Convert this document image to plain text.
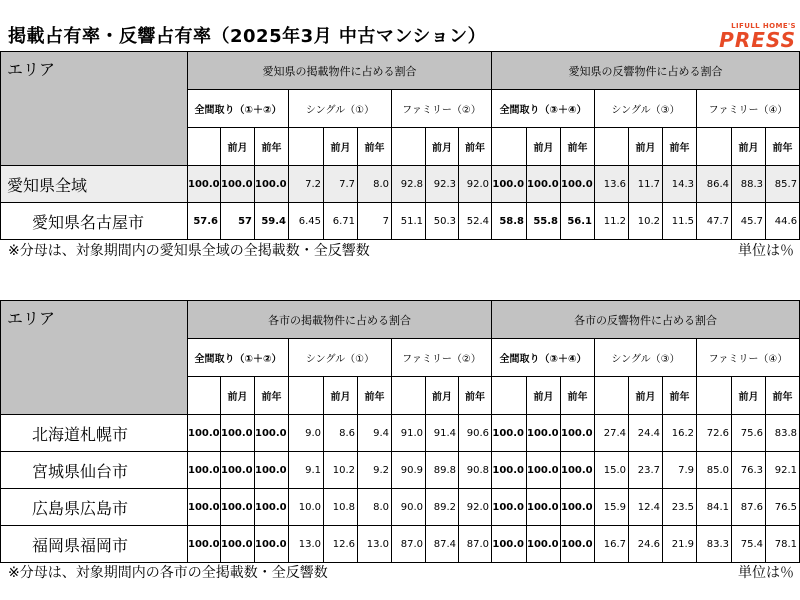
掲載占有率・反響占有率（2025年3月 中古マンション）	LIFULL HOME'S
PRESS
エリア	愛知県の掲載物件に占める割合									愛知県の反響物件に占める割合								
	全間取り（①＋②）			シングル（①）			ファミリー（②）			全間取り（③＋④）			シングル（③）			ファミリー（④）		
		前月	前年		前月	前年		前月	前年		前月	前年		前月	前年		前月	前年
愛知県全域	100.0	100.0	100.0	7.2	7.7	8.0	92.8	92.3	92.0	100.0	100.0	100.0	13.6	11.7	14.3	86.4	88.3	85.7
愛知県名古屋市	57.6	57	59.4	6.45	6.71	7	51.1	50.3	52.4	58.8	55.8	56.1	11.2	10.2	11.5	47.7	45.7	44.6
※分母は、対象期間内の愛知県全域の全掲載数・全反響数	単位は％
エリア	各市の掲載物件に占める割合									各市の反響物件に占める割合								
	全間取り（①＋②）			シングル（①）			ファミリー（②）			全間取り（③＋④）			シングル（③）			ファミリー（④）		
		前月	前年		前月	前年		前月	前年		前月	前年		前月	前年		前月	前年
北海道札幌市	100.0	100.0	100.0	9.0	8.6	9.4	91.0	91.4	90.6	100.0	100.0	100.0	27.4	24.4	16.2	72.6	75.6	83.8
宮城県仙台市	100.0	100.0	100.0	9.1	10.2	9.2	90.9	89.8	90.8	100.0	100.0	100.0	15.0	23.7	7.9	85.0	76.3	92.1
広島県広島市	100.0	100.0	100.0	10.0	10.8	8.0	90.0	89.2	92.0	100.0	100.0	100.0	15.9	12.4	23.5	84.1	87.6	76.5
福岡県福岡市	100.0	100.0	100.0	13.0	12.6	13.0	87.0	87.4	87.0	100.0	100.0	100.0	16.7	24.6	21.9	83.3	75.4	78.1
※分母は、対象期間内の各市の全掲載数・全反響数	単位は％
